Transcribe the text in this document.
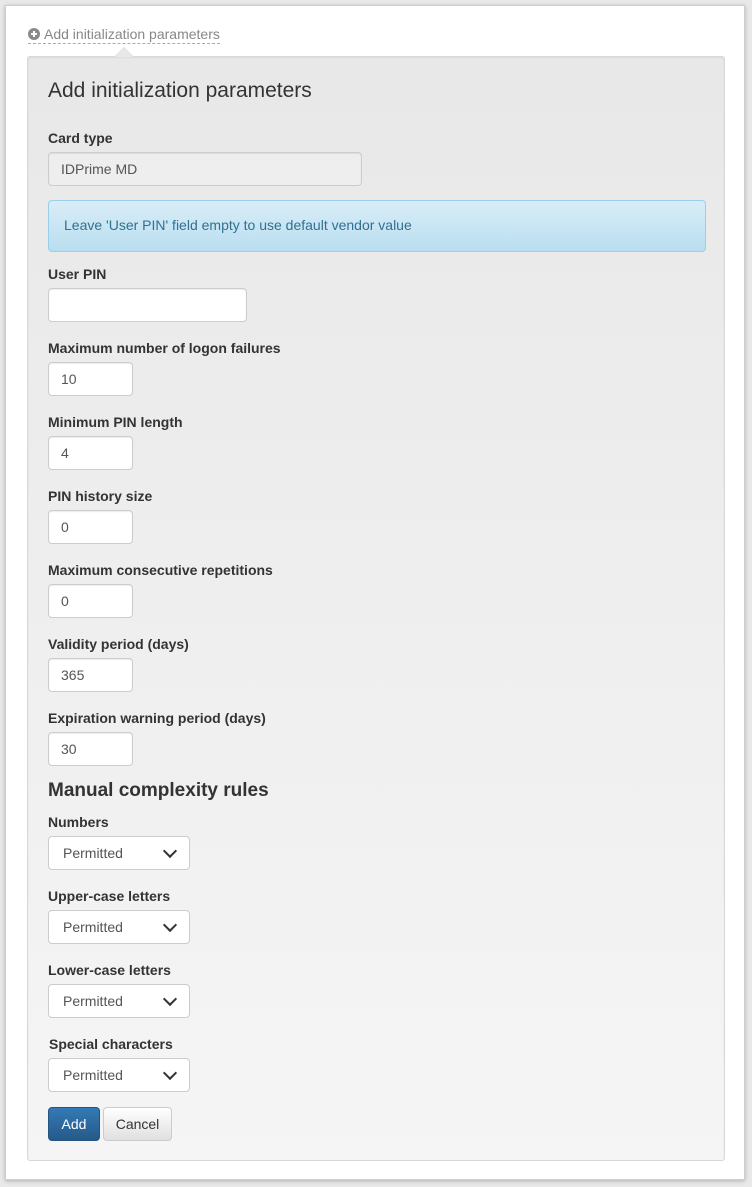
Add initialization parameters
Add initialization parameters
Card type
IDPrime MD
Leave 'User PIN' field empty to use default vendor value
User PIN
Maximum number of logon failures
10
Minimum PIN length
4
PIN history size
0
Maximum consecutive repetitions
0
Validity period (days)
365
Expiration warning period (days)
30
Manual complexity rules
Numbers
Permitted
Upper-case letters
Permitted
Lower-case letters
Permitted
Special characters
Permitted
Add	Cancel
